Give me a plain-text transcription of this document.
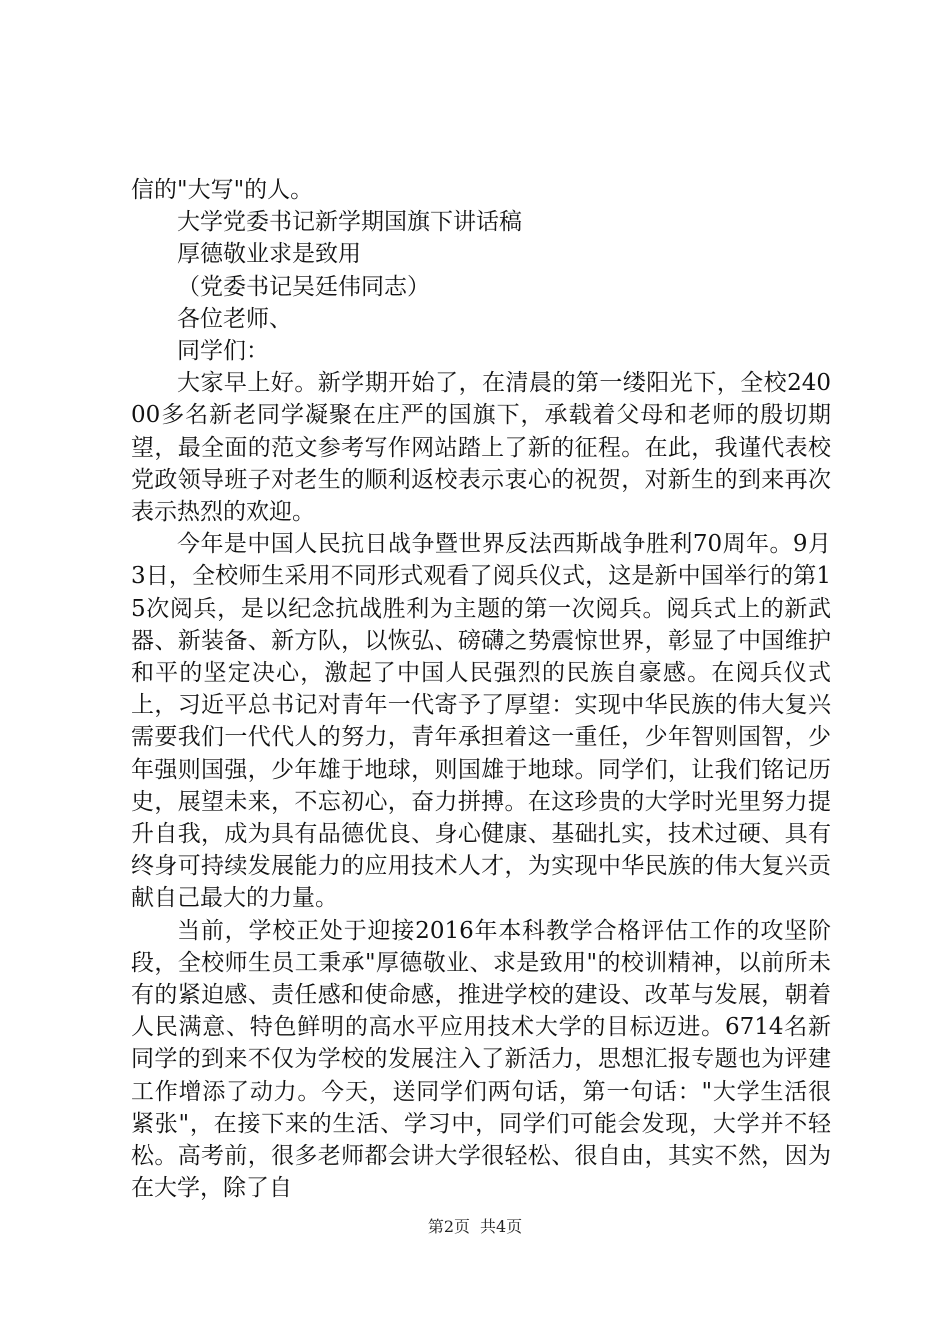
信的"大写"的人。

大学党委书记新学期国旗下讲话稿

厚德敬业求是致用

（党委书记吴廷伟同志）

各位老师、

同学们：

大家早上好。新学期开始了，在清晨的第一缕阳光下，全校24000多名新老同学凝聚在庄严的国旗下，承载着父母和老师的殷切期望，最全面的范文参考写作网站踏上了新的征程。在此，我谨代表校党政领导班子对老生的顺利返校表示衷心的祝贺，对新生的到来再次表示热烈的欢迎。

今年是中国人民抗日战争暨世界反法西斯战争胜利70周年。9月3日，全校师生采用不同形式观看了阅兵仪式，这是新中国举行的第15次阅兵，是以纪念抗战胜利为主题的第一次阅兵。阅兵式上的新武器、新装备、新方队，以恢弘、磅礴之势震惊世界，彰显了中国维护和平的坚定决心，激起了中国人民强烈的民族自豪感。在阅兵仪式上，习近平总书记对青年一代寄予了厚望：实现中华民族的伟大复兴需要我们一代代人的努力，青年承担着这一重任，少年智则国智，少年强则国强，少年雄于地球，则国雄于地球。同学们，让我们铭记历史，展望未来，不忘初心，奋力拼搏。在这珍贵的大学时光里努力提升自我，成为具有品德优良、身心健康、基础扎实，技术过硬、具有终身可持续发展能力的应用技术人才，为实现中华民族的伟大复兴贡献自己最大的力量。

当前，学校正处于迎接2016年本科教学合格评估工作的攻坚阶段，全校师生员工秉承"厚德敬业、求是致用"的校训精神，以前所未有的紧迫感、责任感和使命感，推进学校的建设、改革与发展，朝着人民满意、特色鲜明的高水平应用技术大学的目标迈进。6714名新同学的到来不仅为学校的发展注入了新活力，思想汇报专题也为评建工作增添了动力。今天，送同学们两句话，第一句话："大学生活很紧张"，在接下来的生活、学习中，同学们可能会发现，大学并不轻松。高考前，很多老师都会讲大学很轻松、很自由，其实不然，因为在大学，除了自

第2页 共4页
